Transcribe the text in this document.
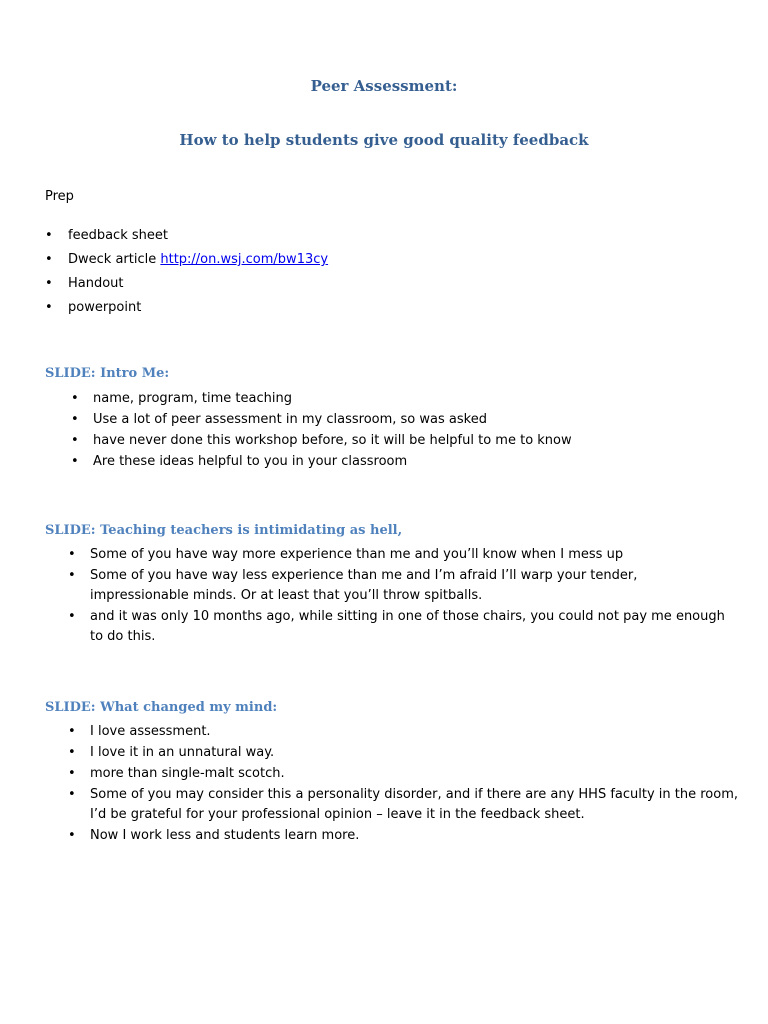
Peer Assessment:
How to help students give good quality feedback

Prep

• feedback sheet
• Dweck article http://on.wsj.com/bw13cy
• Handout
• powerpoint
SLIDE: Intro Me:
• name, program, time teaching
• Use a lot of peer assessment in my classroom, so was asked
• have never done this workshop before, so it will be helpful to me to know
• Are these ideas helpful to you in your classroom
SLIDE: Teaching teachers is intimidating as hell,
• Some of you have way more experience than me and you’ll know when I mess up
• Some of you have way less experience than me and I’m afraid I’ll warp your tender, impressionable minds. Or at least that you’ll throw spitballs.
• and it was only 10 months ago, while sitting in one of those chairs, you could not pay me enough to do this.
SLIDE: What changed my mind:
• I love assessment.
• I love it in an unnatural way.
• more than single-malt scotch.
• Some of you may consider this a personality disorder, and if there are any HHS faculty in the room, I’d be grateful for your professional opinion – leave it in the feedback sheet.
• Now I work less and students learn more.
